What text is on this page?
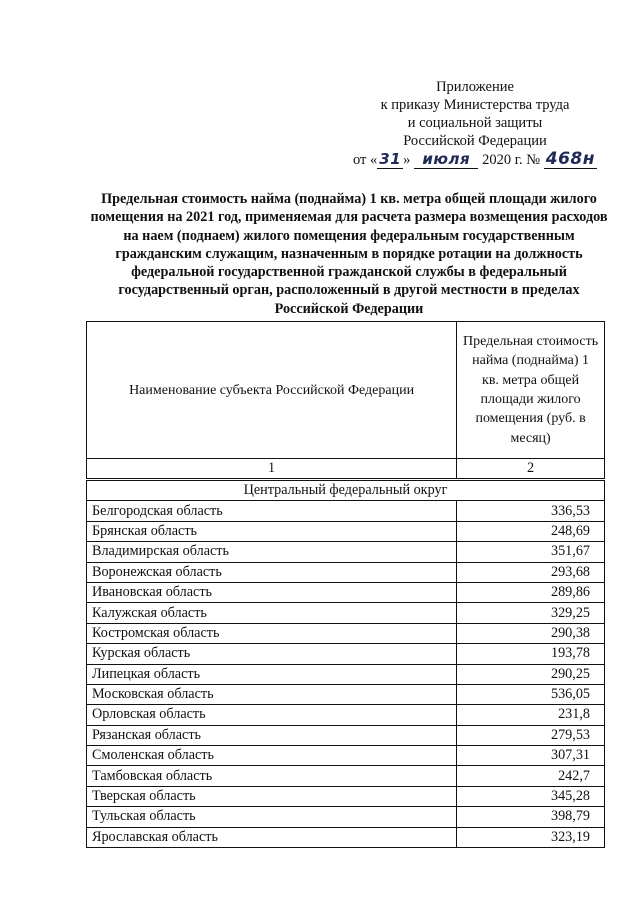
Приложение
к приказу Министерства труда
и социальной защиты
Российской Федерации
от « 31 » июля 2020 г. № 468н
Предельная стоимость найма (поднайма) 1 кв. метра общей площади жилого помещения на 2021 год, применяемая для расчета размера возмещения расходов на наем (поднаем) жилого помещения федеральным государственным гражданским служащим, назначенным в порядке ротации на должность федеральной государственной гражданской службы в федеральный государственный орган, расположенный в другой местности в пределах Российской Федерации
Наименование субъекта Российской Федерации	Предельная стоимость найма (поднайма) 1 кв. метра общей площади жилого помещения (руб. в месяц)
1	2
Центральный федеральный округ	
Белгородская область	336,53
Брянская область	248,69
Владимирская область	351,67
Воронежская область	293,68
Ивановская область	289,86
Калужская область	329,25
Костромская область	290,38
Курская область	193,78
Липецкая область	290,25
Московская область	536,05
Орловская область	231,8
Рязанская область	279,53
Смоленская область	307,31
Тамбовская область	242,7
Тверская область	345,28
Тульская область	398,79
Ярославская область	323,19
